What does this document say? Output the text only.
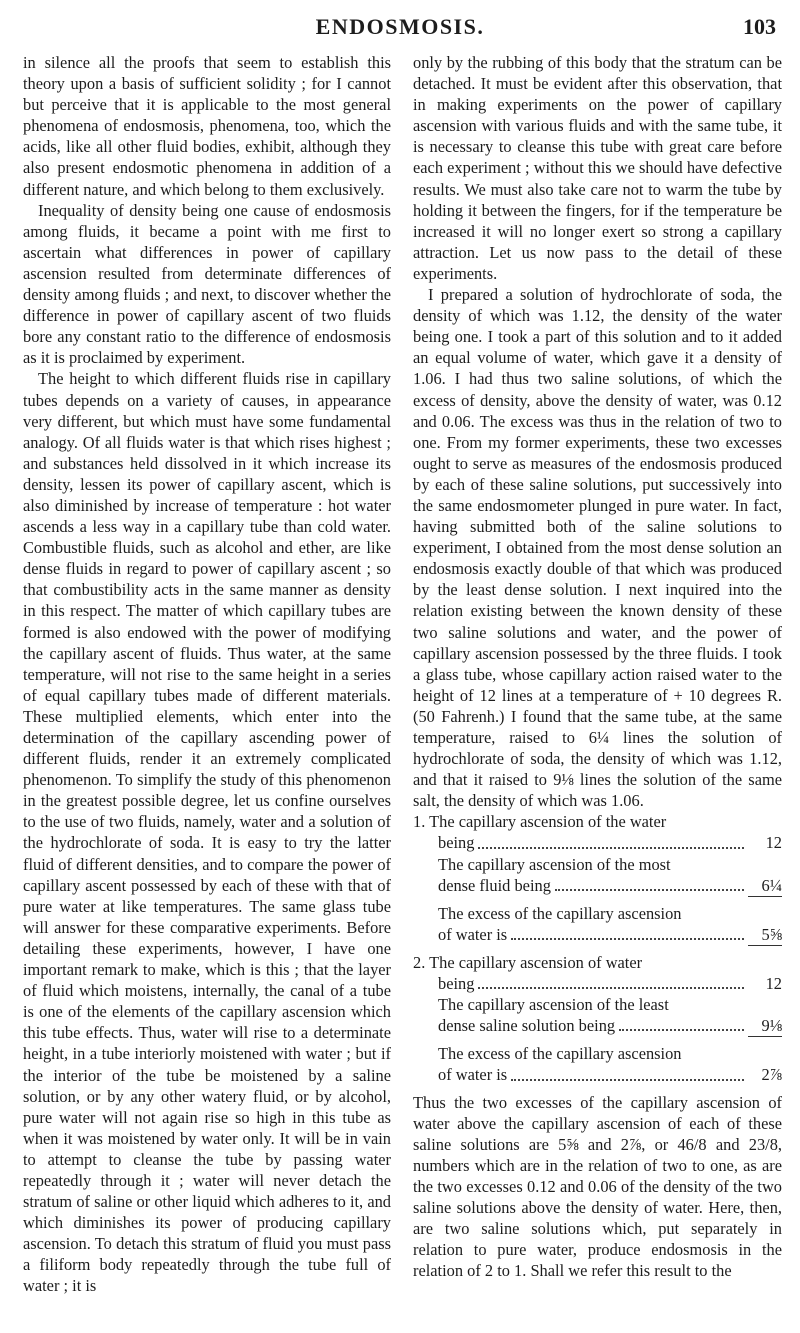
ENDOSMOSIS.	103

in silence all the proofs that seem to establish this theory upon a basis of sufficient solidity ; for I cannot but perceive that it is applicable to the most general phenomena of endosmosis, phenomena, too, which the acids, like all other fluid bodies, exhibit, although they also present endosmotic phenomena in addition of a different nature, and which belong to them exclusively.

Inequality of density being one cause of endosmosis among fluids, it became a point with me first to ascertain what differences in power of capillary ascension resulted from determinate differences of density among fluids ; and next, to discover whether the difference in power of capillary ascent of two fluids bore any constant ratio to the difference of endosmosis as it is proclaimed by experiment.

The height to which different fluids rise in capillary tubes depends on a variety of causes, in appearance very different, but which must have some fundamental analogy. Of all fluids water is that which rises highest ; and substances held dissolved in it which increase its density, lessen its power of capillary ascent, which is also diminished by increase of temperature : hot water ascends a less way in a capillary tube than cold water. Combustible fluids, such as alcohol and ether, are like dense fluids in regard to power of capillary ascent ; so that combustibility acts in the same manner as density in this respect. The matter of which capillary tubes are formed is also endowed with the power of modifying the capillary ascent of fluids. Thus water, at the same temperature, will not rise to the same height in a series of equal capillary tubes made of different materials. These multiplied elements, which enter into the determination of the capillary ascending power of different fluids, render it an extremely complicated phenomenon. To simplify the study of this phenomenon in the greatest possible degree, let us confine ourselves to the use of two fluids, namely, water and a solution of the hydrochlorate of soda. It is easy to try the latter fluid of different densities, and to compare the power of capillary ascent possessed by each of these with that of pure water at like temperatures. The same glass tube will answer for these comparative experiments. Before detailing these experiments, however, I have one important remark to make, which is this ; that the layer of fluid which moistens, internally, the canal of a tube is one of the elements of the capillary ascension which this tube effects. Thus, water will rise to a determinate height, in a tube interiorly moistened with water ; but if the interior of the tube be moistened by a saline solution, or by any other watery fluid, or by alcohol, pure water will not again rise so high in this tube as when it was moistened by water only. It will be in vain to attempt to cleanse the tube by passing water repeatedly through it ; water will never detach the stratum of saline or other liquid which adheres to it, and which diminishes its power of producing capillary ascension. To detach this stratum of fluid you must pass a filiform body repeatedly through the tube full of water ; it is

only by the rubbing of this body that the stratum can be detached. It must be evident after this observation, that in making experiments on the power of capillary ascension with various fluids and with the same tube, it is necessary to cleanse this tube with great care before each experiment ; without this we should have defective results. We must also take care not to warm the tube by holding it between the fingers, for if the temperature be increased it will no longer exert so strong a capillary attraction. Let us now pass to the detail of these experiments.

I prepared a solution of hydrochlorate of soda, the density of which was 1.12, the density of the water being one. I took a part of this solution and to it added an equal volume of water, which gave it a density of 1.06. I had thus two saline solutions, of which the excess of density, above the density of water, was 0.12 and 0.06. The excess was thus in the relation of two to one. From my former experiments, these two excesses ought to serve as measures of the endosmosis produced by each of these saline solutions, put successively into the same endosmometer plunged in pure water. In fact, having submitted both of the saline solutions to experiment, I obtained from the most dense solution an endosmosis exactly double of that which was produced by the least dense solution. I next inquired into the relation existing between the known density of these two saline solutions and water, and the power of capillary ascension possessed by the three fluids. I took a glass tube, whose capillary action raised water to the height of 12 lines at a temperature of + 10 degrees R. (50 Fahrenh.) I found that the same tube, at the same temperature, raised to 6¼ lines the solution of hydrochlorate of soda, the density of which was 1.12, and that it raised to 9⅛ lines the solution of the same salt, the density of which was 1.06.

1. The capillary ascension of the water
being	12
The capillary ascension of the most
dense fluid being	6¼
The excess of the capillary ascension
of water is	5⅝
2. The capillary ascension of water
being	12
The capillary ascension of the least
dense saline solution being	9⅛
The excess of the capillary ascension
of water is	2⅞

Thus the two excesses of the capillary ascension of water above the capillary ascension of each of these saline solutions are 5⅝ and 2⅞, or 46/8 and 23/8, numbers which are in the relation of two to one, as are the two excesses 0.12 and 0.06 of the density of the two saline solutions above the density of water. Here, then, are two saline solutions which, put separately in relation to pure water, produce endosmosis in the relation of 2 to 1. Shall we refer this result to the
